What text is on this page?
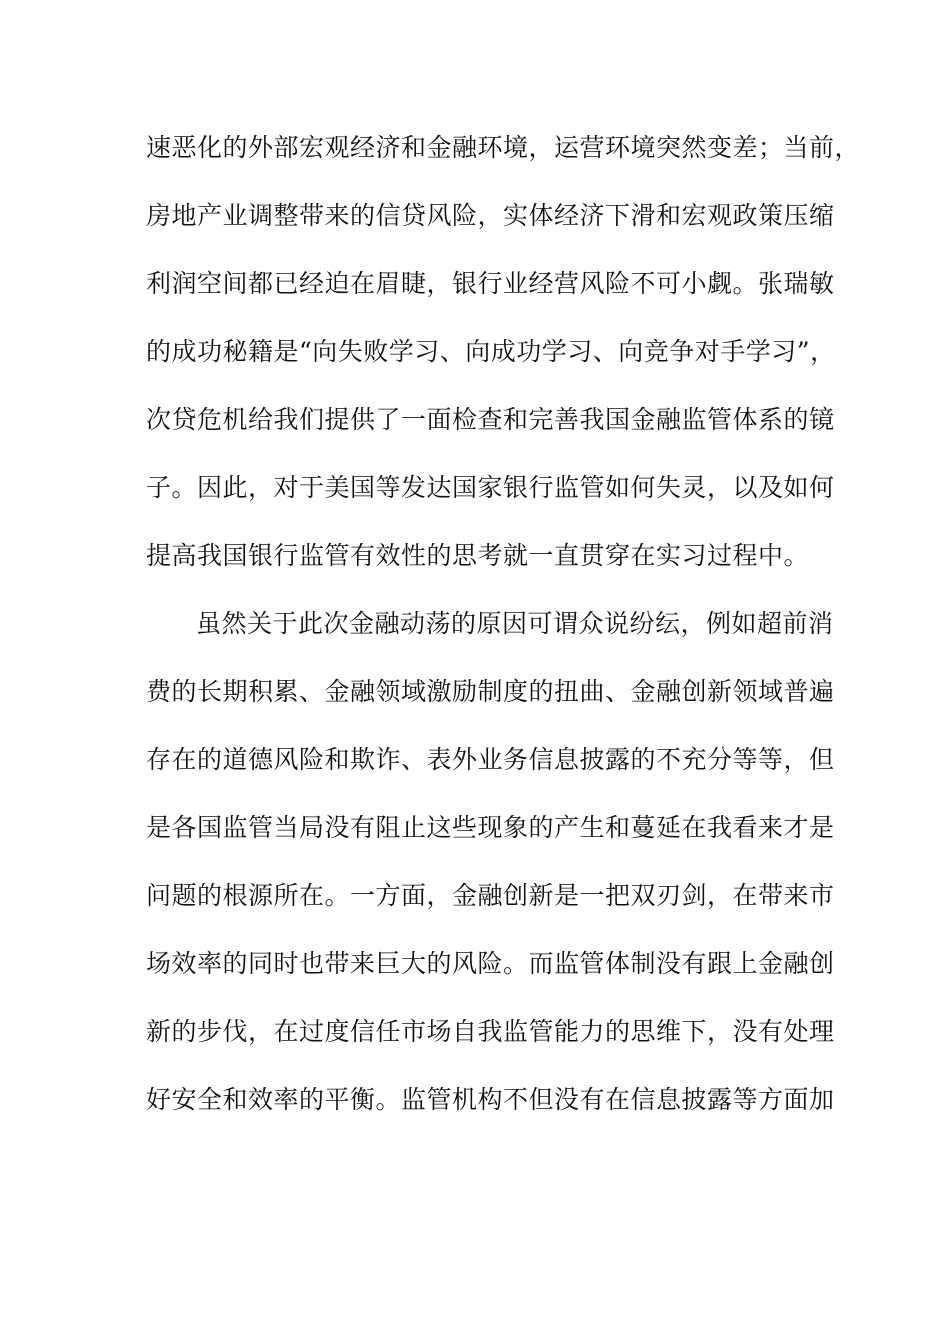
速恶化的外部宏观经济和金融环境，运营环境突然变差；当前，
房地产业调整带来的信贷风险，实体经济下滑和宏观政策压缩
利润空间都已经迫在眉睫，银行业经营风险不可小觑。张瑞敏
的成功秘籍是“向失败学习、向成功学习、向竞争对手学习”，
次贷危机给我们提供了一面检查和完善我国金融监管体系的镜
子。因此，对于美国等发达国家银行监管如何失灵，以及如何
提高我国银行监管有效性的思考就一直贯穿在实习过程中。
虽然关于此次金融动荡的原因可谓众说纷纭，例如超前消
费的长期积累、金融领域激励制度的扭曲、金融创新领域普遍
存在的道德风险和欺诈、表外业务信息披露的不充分等等，但
是各国监管当局没有阻止这些现象的产生和蔓延在我看来才是
问题的根源所在。一方面，金融创新是一把双刃剑，在带来市
场效率的同时也带来巨大的风险。而监管体制没有跟上金融创
新的步伐，在过度信任市场自我监管能力的思维下，没有处理
好安全和效率的平衡。监管机构不但没有在信息披露等方面加
